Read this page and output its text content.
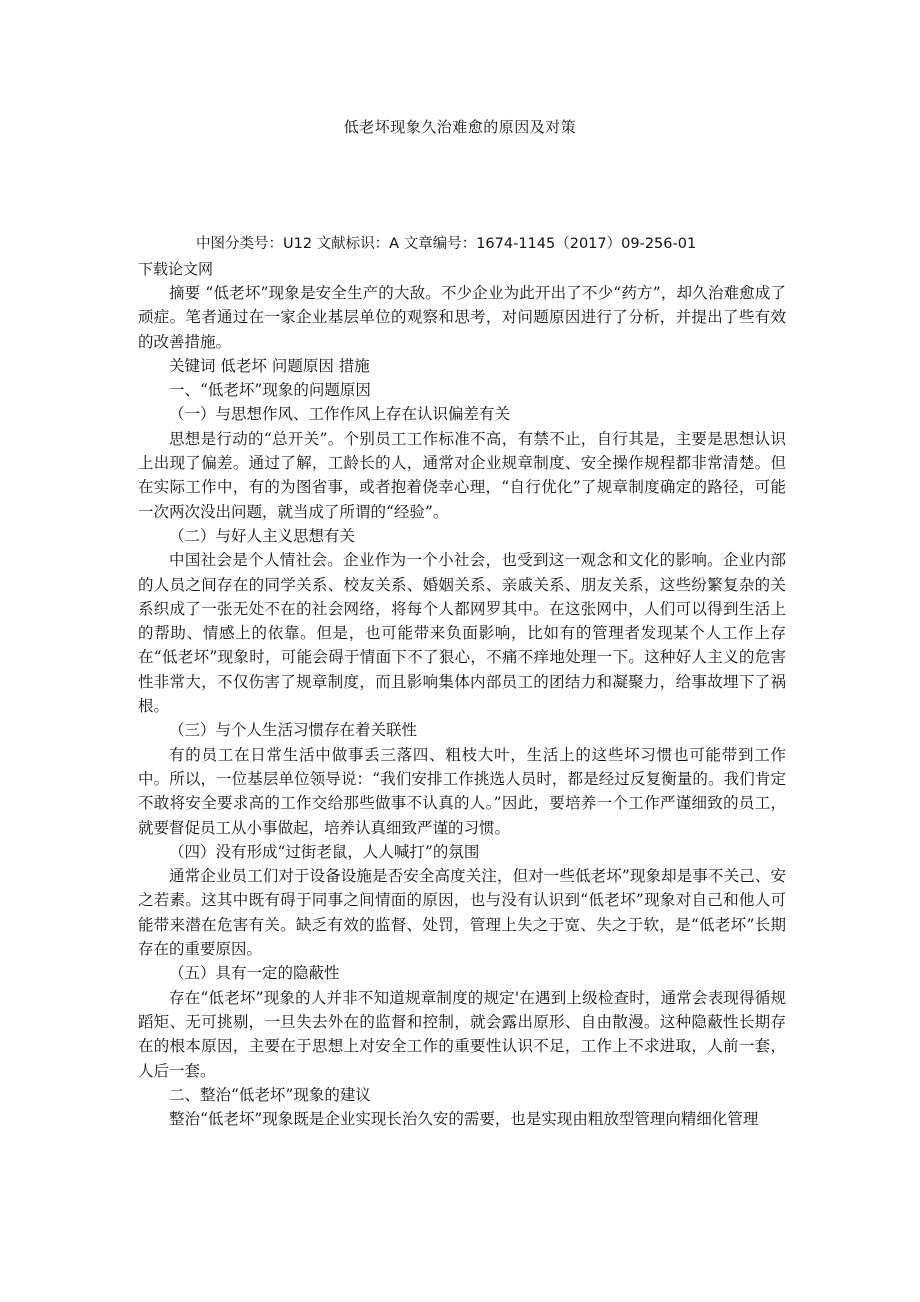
低老坏现象久治难愈的原因及对策
中图分类号：U12 文献标识：A 文章编号：1674-1145（2017）09-256-01
下载论文网

摘要 “低老坏”现象是安全生产的大敌。不少企业为此开出了不少“药方”，却久治难愈成了顽症。笔者通过在一家企业基层单位的观察和思考，对问题原因进行了分析，并提出了些有效的改善措施。

关键词 低老坏 问题原因 措施

一、“低老坏”现象的问题原因

（一）与思想作风、工作作风上存在认识偏差有关

思想是行动的“总开关”。个别员工工作标准不高，有禁不止，自行其是，主要是思想认识上出现了偏差。通过了解，工龄长的人，通常对企业规章制度、安全操作规程都非常清楚。但在实际工作中，有的为图省事，或者抱着侥幸心理，“自行优化”了规章制度确定的路径，可能一次两次没出问题，就当成了所谓的“经验”。

（二）与好人主义思想有关

中国社会是个人情社会。企业作为一个小社会，也受到这一观念和文化的影响。企业内部的人员之间存在的同学关系、校友关系、婚姻关系、亲戚关系、朋友关系，这些纷繁复杂的关系织成了一张无处不在的社会网络，将每个人都网罗其中。在这张网中，人们可以得到生活上的帮助、情感上的依靠。但是，也可能带来负面影响，比如有的管理者发现某个人工作上存在“低老坏”现象时，可能会碍于情面下不了狠心，不痛不痒地处理一下。这种好人主义的危害性非常大，不仅伤害了规章制度，而且影响集体内部员工的团结力和凝聚力，给事故埋下了祸根。

（三）与个人生活习惯存在着关联性

有的员工在日常生活中做事丢三落四、粗枝大叶，生活上的这些坏习惯也可能带到工作中。所以，一位基层单位领导说：“我们安排工作挑选人员时，都是经过反复衡量的。我们肯定不敢将安全要求高的工作交给那些做事不认真的人。”因此，要培养一个工作严谨细致的员工，就要督促员工从小事做起，培养认真细致严谨的习惯。

（四）没有形成“过街老鼠，人人喊打”的氛围

通常企业员工们对于设备设施是否安全高度关注，但对一些低老坏”现象却是事不关己、安之若素。这其中既有碍于同事之间情面的原因，也与没有认识到“低老坏”现象对自己和他人可能带来潜在危害有关。缺乏有效的监督、处罚，管理上失之于宽、失之于软，是“低老坏”长期存在的重要原因。

（五）具有一定的隐蔽性

存在“低老坏”现象的人并非不知道规章制度的规定'在遇到上级检查时，通常会表现得循规蹈矩、无可挑剔，一旦失去外在的监督和控制，就会露出原形、自由散漫。这种隐蔽性长期存在的根本原因，主要在于思想上对安全工作的重要性认识不足，工作上不求进取，人前一套，人后一套。

二、整治“低老坏”现象的建议

整治“低老坏”现象既是企业实现长治久安的需要，也是实现由粗放型管理向精细化管理
